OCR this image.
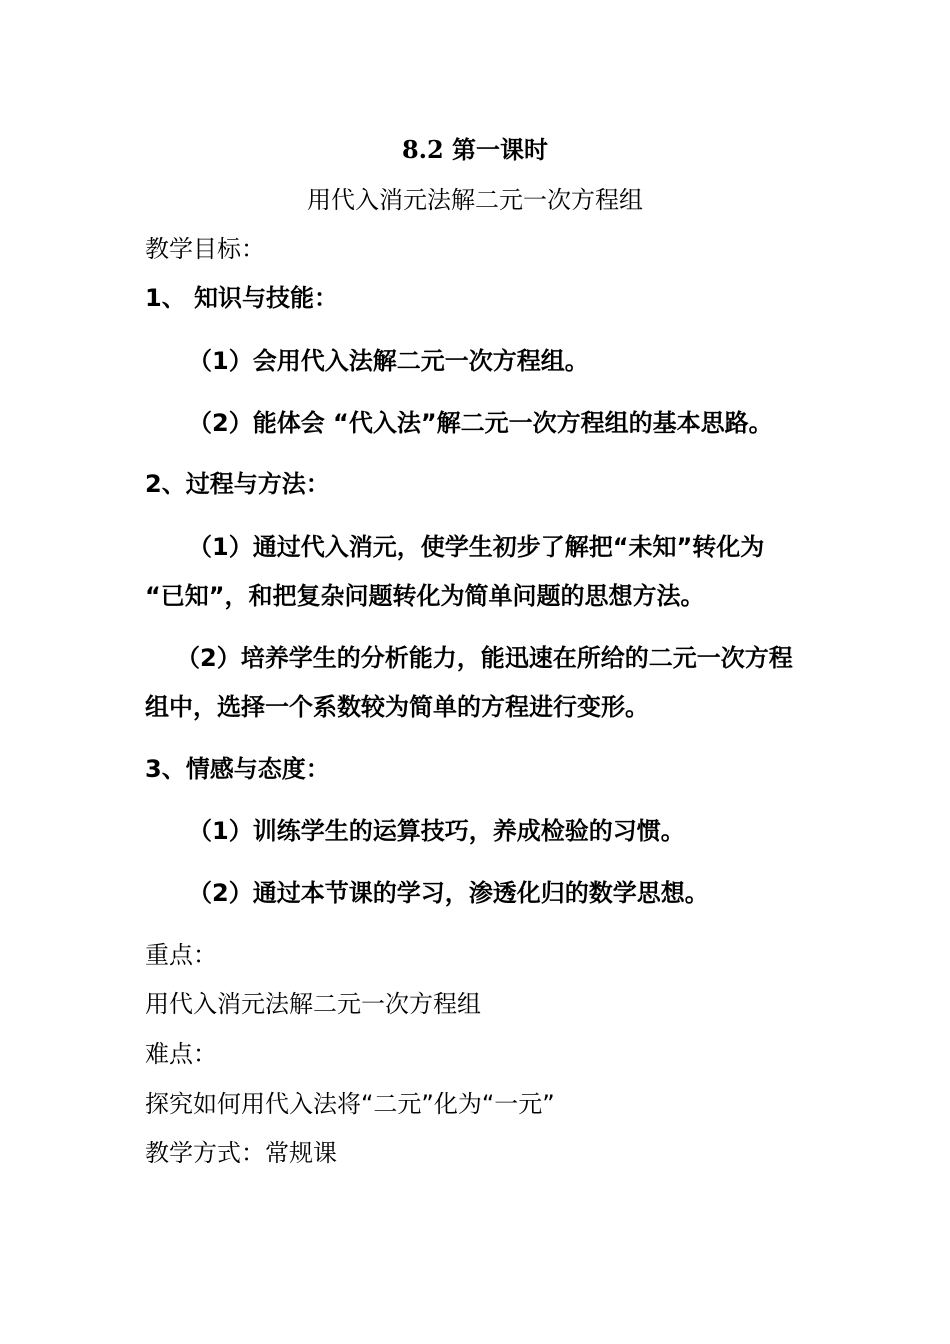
8.2 第一课时
用代入消元法解二元一次方程组
教学目标：
1、 知识与技能：
（1）会用代入法解二元一次方程组。
（2）能体会 “代入法”解二元一次方程组的基本思路。
2、过程与方法：
（1）通过代入消元，使学生初步了解把“未知”转化为
“已知”，和把复杂问题转化为简单问题的思想方法。
（2）培养学生的分析能力，能迅速在所给的二元一次方程
组中，选择一个系数较为简单的方程进行变形。
3、情感与态度：
（1）训练学生的运算技巧，养成检验的习惯。
（2）通过本节课的学习，渗透化归的数学思想。
重点：
用代入消元法解二元一次方程组
难点：
探究如何用代入法将“二元”化为“一元”
教学方式：常规课
